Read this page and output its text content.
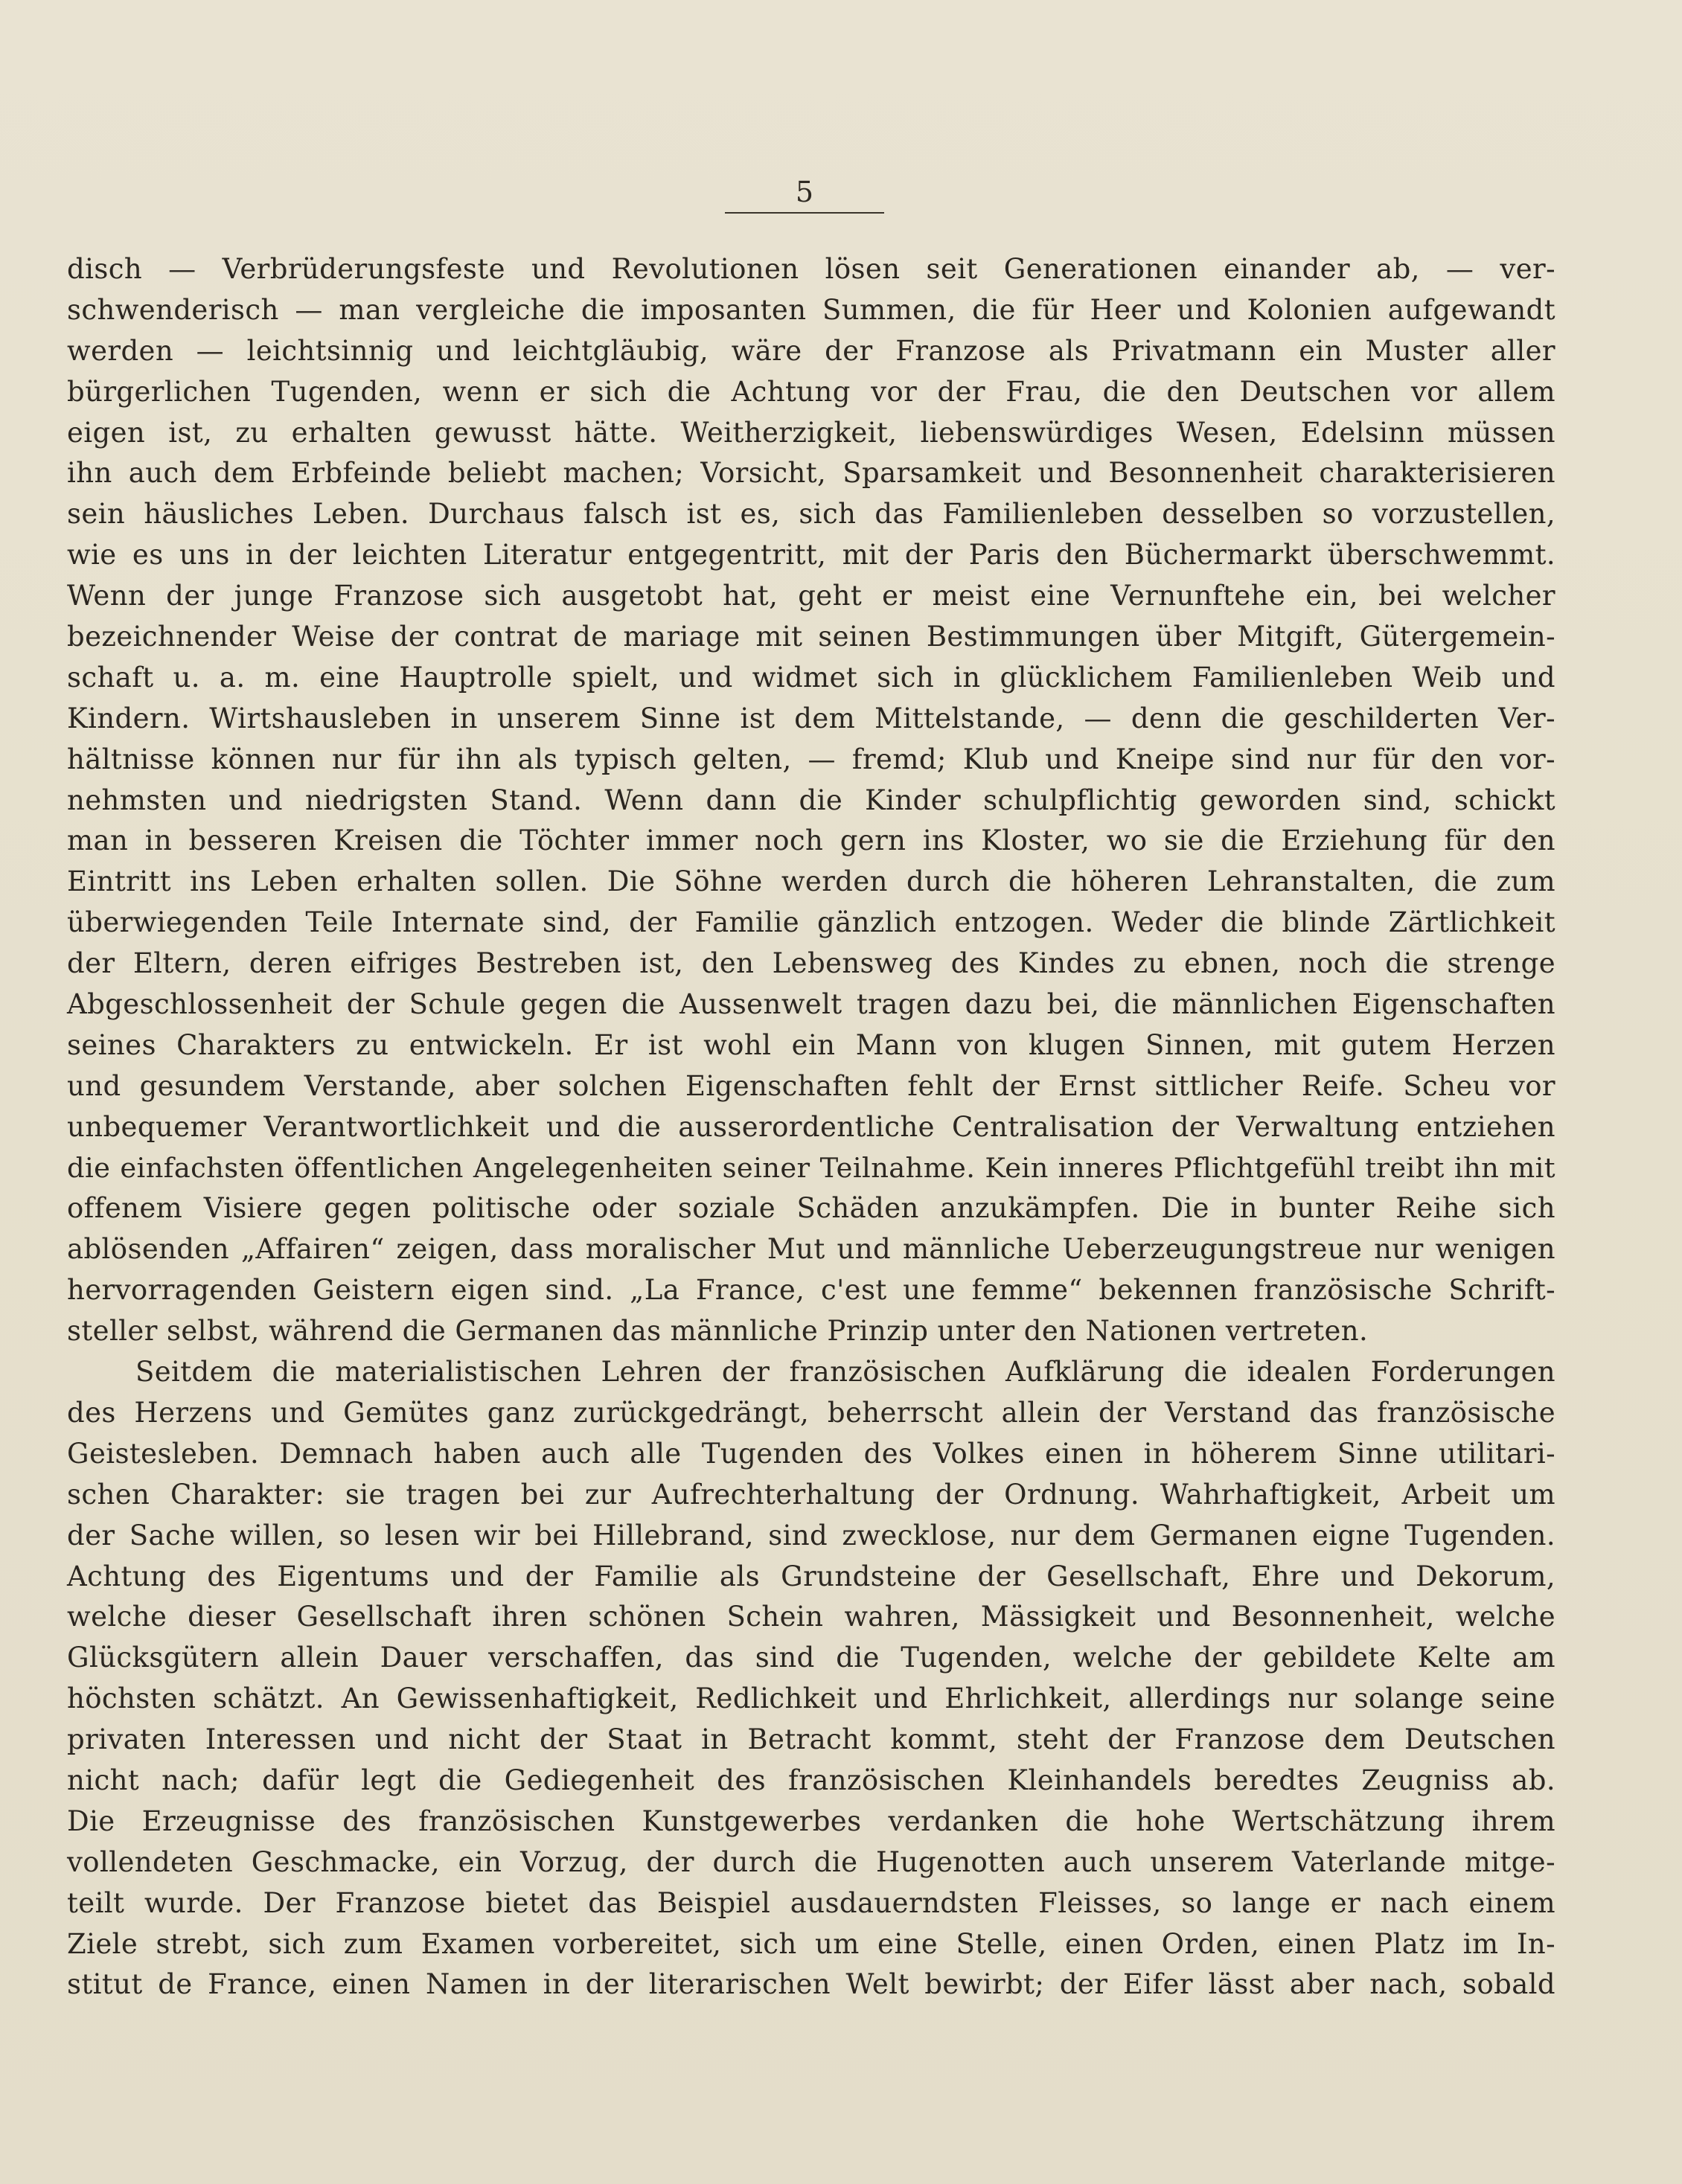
5
disch — Verbrüderungsfeste und Revolutionen lösen seit Generationen einander ab, — ver-
schwenderisch — man vergleiche die imposanten Summen, die für Heer und Kolonien aufgewandt
werden — leichtsinnig und leichtgläubig, wäre der Franzose als Privatmann ein Muster aller
bürgerlichen Tugenden, wenn er sich die Achtung vor der Frau, die den Deutschen vor allem
eigen ist, zu erhalten gewusst hätte. Weitherzigkeit, liebenswürdiges Wesen, Edelsinn müssen
ihn auch dem Erbfeinde beliebt machen; Vorsicht, Sparsamkeit und Besonnenheit charakterisieren
sein häusliches Leben. Durchaus falsch ist es, sich das Familienleben desselben so vorzustellen,
wie es uns in der leichten Literatur entgegentritt, mit der Paris den Büchermarkt überschwemmt.
Wenn der junge Franzose sich ausgetobt hat, geht er meist eine Vernunftehe ein, bei welcher
bezeichnender Weise der contrat de mariage mit seinen Bestimmungen über Mitgift, Gütergemein-
schaft u. a. m. eine Hauptrolle spielt, und widmet sich in glücklichem Familienleben Weib und
Kindern. Wirtshausleben in unserem Sinne ist dem Mittelstande, — denn die geschilderten Ver-
hältnisse können nur für ihn als typisch gelten, — fremd; Klub und Kneipe sind nur für den vor-
nehmsten und niedrigsten Stand. Wenn dann die Kinder schulpflichtig geworden sind, schickt
man in besseren Kreisen die Töchter immer noch gern ins Kloster, wo sie die Erziehung für den
Eintritt ins Leben erhalten sollen. Die Söhne werden durch die höheren Lehranstalten, die zum
überwiegenden Teile Internate sind, der Familie gänzlich entzogen. Weder die blinde Zärtlichkeit
der Eltern, deren eifriges Bestreben ist, den Lebensweg des Kindes zu ebnen, noch die strenge
Abgeschlossenheit der Schule gegen die Aussenwelt tragen dazu bei, die männlichen Eigenschaften
seines Charakters zu entwickeln. Er ist wohl ein Mann von klugen Sinnen, mit gutem Herzen
und gesundem Verstande, aber solchen Eigenschaften fehlt der Ernst sittlicher Reife. Scheu vor
unbequemer Verantwortlichkeit und die ausserordentliche Centralisation der Verwaltung entziehen
die einfachsten öffentlichen Angelegenheiten seiner Teilnahme. Kein inneres Pflichtgefühl treibt ihn mit
offenem Visiere gegen politische oder soziale Schäden anzukämpfen. Die in bunter Reihe sich
ablösenden „Affairen“ zeigen, dass moralischer Mut und männliche Ueberzeugungstreue nur wenigen
hervorragenden Geistern eigen sind. „La France, c'est une femme“ bekennen französische Schrift-
steller selbst, während die Germanen das männliche Prinzip unter den Nationen vertreten.
Seitdem die materialistischen Lehren der französischen Aufklärung die idealen Forderungen
des Herzens und Gemütes ganz zurückgedrängt, beherrscht allein der Verstand das französische
Geistesleben. Demnach haben auch alle Tugenden des Volkes einen in höherem Sinne utilitari-
schen Charakter: sie tragen bei zur Aufrechterhaltung der Ordnung. Wahrhaftigkeit, Arbeit um
der Sache willen, so lesen wir bei Hillebrand, sind zwecklose, nur dem Germanen eigne Tugenden.
Achtung des Eigentums und der Familie als Grundsteine der Gesellschaft, Ehre und Dekorum,
welche dieser Gesellschaft ihren schönen Schein wahren, Mässigkeit und Besonnenheit, welche
Glücksgütern allein Dauer verschaffen, das sind die Tugenden, welche der gebildete Kelte am
höchsten schätzt. An Gewissenhaftigkeit, Redlichkeit und Ehrlichkeit, allerdings nur solange seine
privaten Interessen und nicht der Staat in Betracht kommt, steht der Franzose dem Deutschen
nicht nach; dafür legt die Gediegenheit des französischen Kleinhandels beredtes Zeugniss ab.
Die Erzeugnisse des französischen Kunstgewerbes verdanken die hohe Wertschätzung ihrem
vollendeten Geschmacke, ein Vorzug, der durch die Hugenotten auch unserem Vaterlande mitge-
teilt wurde. Der Franzose bietet das Beispiel ausdauerndsten Fleisses, so lange er nach einem
Ziele strebt, sich zum Examen vorbereitet, sich um eine Stelle, einen Orden, einen Platz im In-
stitut de France, einen Namen in der literarischen Welt bewirbt; der Eifer lässt aber nach, sobald
